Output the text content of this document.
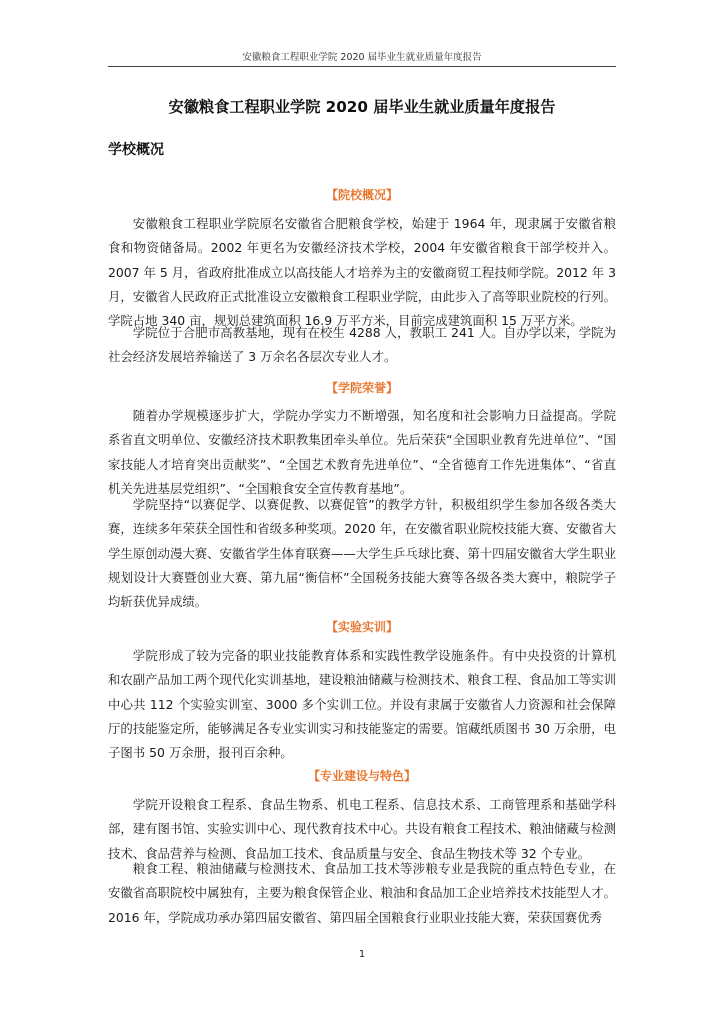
安徽粮食工程职业学院 2020 届毕业生就业质量年度报告
安徽粮食工程职业学院 2020 届毕业生就业质量年度报告
学校概况
【院校概况】

安徽粮食工程职业学院原名安徽省合肥粮食学校，始建于 1964 年，现隶属于安徽省粮食和物资储备局。2002 年更名为安徽经济技术学校，2004 年安徽省粮食干部学校并入。2007 年 5 月，省政府批准成立以高技能人才培养为主的安徽商贸工程技师学院。2012 年 3 月，安徽省人民政府正式批准设立安徽粮食工程职业学院，由此步入了高等职业院校的行列。学院占地 340 亩，规划总建筑面积 16.9 万平方米，目前完成建筑面积 15 万平方米。

学院位于合肥市高教基地，现有在校生 4288 人，教职工 241 人。自办学以来，学院为社会经济发展培养输送了 3 万余名各层次专业人才。

【学院荣誉】

随着办学规模逐步扩大，学院办学实力不断增强，知名度和社会影响力日益提高。学院系省直文明单位、安徽经济技术职教集团牵头单位。先后荣获“全国职业教育先进单位”、“国家技能人才培育突出贡献奖”、“全国艺术教育先进单位”、“全省德育工作先进集体”、“省直机关先进基层党组织”、“全国粮食安全宣传教育基地”。

学院坚持“以赛促学、以赛促教、以赛促管”的教学方针，积极组织学生参加各级各类大赛，连续多年荣获全国性和省级多种奖项。2020 年，在安徽省职业院校技能大赛、安徽省大学生原创动漫大赛、安徽省学生体育联赛——大学生乒乓球比赛、第十四届安徽省大学生职业规划设计大赛暨创业大赛、第九届“衡信杯”全国税务技能大赛等各级各类大赛中，粮院学子均斩获优异成绩。

【实验实训】

学院形成了较为完备的职业技能教育体系和实践性教学设施条件。有中央投资的计算机和农副产品加工两个现代化实训基地，建设粮油储藏与检测技术、粮食工程、食品加工等实训中心共 112 个实验实训室、3000 多个实训工位。并设有隶属于安徽省人力资源和社会保障厅的技能鉴定所，能够满足各专业实训实习和技能鉴定的需要。馆藏纸质图书 30 万余册，电子图书 50 万余册，报刊百余种。

【专业建设与特色】

学院开设粮食工程系、食品生物系、机电工程系、信息技术系、工商管理系和基础学科部，建有图书馆、实验实训中心、现代教育技术中心。共设有粮食工程技术、粮油储藏与检测技术、食品营养与检测、食品加工技术、食品质量与安全、食品生物技术等 32 个专业。

粮食工程、粮油储藏与检测技术、食品加工技术等涉粮专业是我院的重点特色专业，在安徽省高职院校中属独有，主要为粮食保管企业、粮油和食品加工企业培养技术技能型人才。2016 年，学院成功承办第四届安徽省、第四届全国粮食行业职业技能大赛，荣获国赛优秀

1
